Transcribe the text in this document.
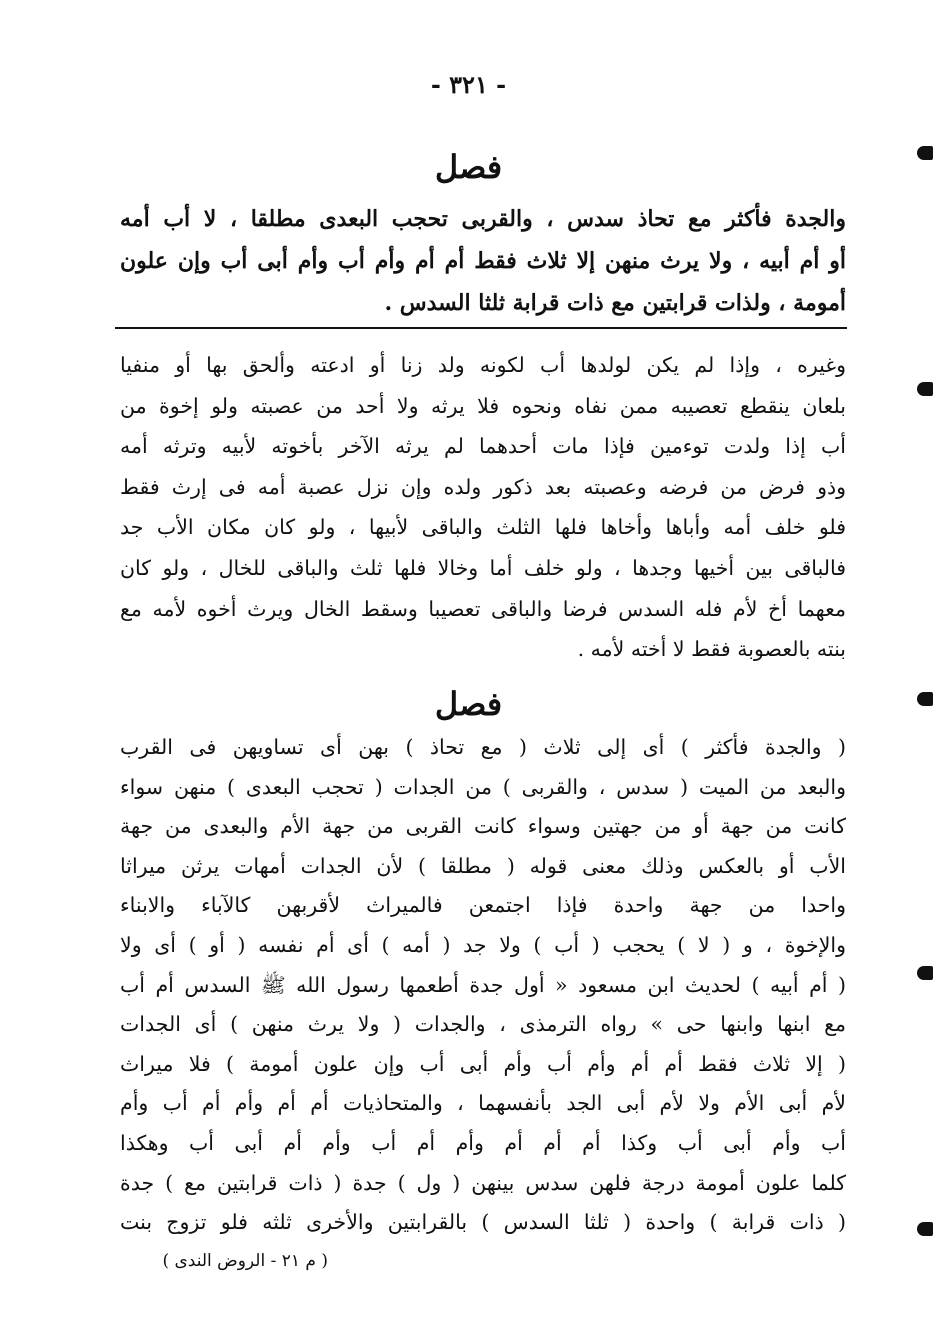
- ٣٢١ -
فصل
والجدة فأكثر مع تحاذ سدس ، والقربى تحجب البعدى مطلقا ، لا أب أمه
أو أم أبيه ، ولا يرث منهن إلا ثلاث فقط أم أم وأم أب وأم أبى أب وإن علون
أمومة ، ولذات قرابتين مع ذات قرابة ثلثا السدس .
وغيره ، وإذا لم يكن لولدها أب لكونه ولد زنا أو ادعته وألحق بها أو منفيا
بلعان ينقطع تعصيبه ممن نفاه ونحوه فلا يرثه ولا أحد من عصبته ولو إخوة من
أب إذا ولدت توءمين فإذا مات أحدهما لم يرثه الآخر بأخوته لأبيه وترثه أمه
وذو فرض من فرضه وعصبته بعد ذكور ولده وإن نزل عصبة أمه فى إرث فقط
فلو خلف أمه وأباها وأخاها فلها الثلث والباقى لأبيها ، ولو كان مكان الأب جد
فالباقى بين أخيها وجدها ، ولو خلف أما وخالا فلها ثلث والباقى للخال ، ولو كان
معهما أخ لأم فله السدس فرضا والباقى تعصيبا وسقط الخال ويرث أخوه لأمه مع
بنته بالعصوبة فقط لا أخته لأمه .
فصل
( والجدة فأكثر ) أى إلى ثلاث ( مع تحاذ ) بهن أى تساويهن فى القرب
والبعد من الميت ( سدس ، والقربى ) من الجدات ( تحجب البعدى ) منهن سواء
كانت من جهة أو من جهتين وسواء كانت القربى من جهة الأم والبعدى من جهة
الأب أو بالعكس وذلك معنى قوله ( مطلقا ) لأن الجدات أمهات يرثن ميراثا
واحدا من جهة واحدة فإذا اجتمعن فالميراث لأقربهن كالآباء والابناء
والإخوة ، و ( لا ) يحجب ( أب ) ولا جد ( أمه ) أى أم نفسه ( أو ) أى ولا
( أم أبيه ) لحديث ابن مسعود « أول جدة أطعمها رسول الله ﷺ السدس أم أب
مع ابنها وابنها حى » رواه الترمذى ، والجدات ( ولا يرث منهن ) أى الجدات
( إلا ثلاث فقط أم أم وأم أب وأم أبى أب وإن علون أمومة ) فلا ميراث
لأم أبى الأم ولا لأم أبى الجد بأنفسهما ، والمتحاذيات أم أم وأم أم أب وأم
أب وأم أبى أب وكذا أم أم أم وأم أم أب وأم أم أبى أب وهكذا
كلما علون أمومة درجة فلهن سدس بينهن ( ول ) جدة ( ذات قرابتين مع ) جدة
( ذات قرابة ) واحدة ( ثلثا السدس ) بالقرابتين والأخرى ثلثه فلو تزوج بنت
( م ٢١ - الروض الندى )
